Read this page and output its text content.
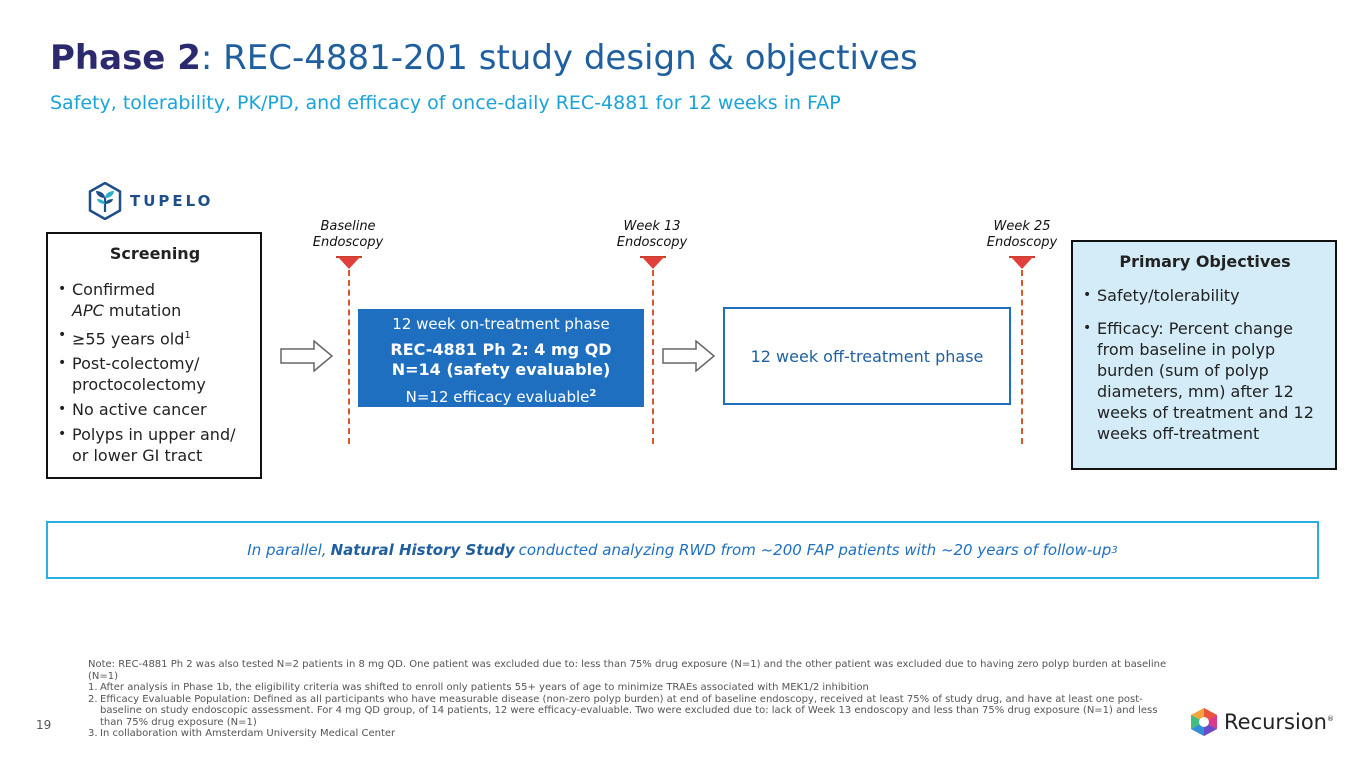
Phase 2: REC-4881-201 study design & objectives
Safety, tolerability, PK/PD, and efficacy of once-daily REC-4881 for 12 weeks in FAP
TUPELO
Screening
• Confirmed
APC mutation
• ≥55 years old$^1$
• Post-colectomy/
proctocolectomy
• No active cancer
• Polyps in upper and/
or lower GI tract
Baseline
Endoscopy
Week 13
Endoscopy
Week 25
Endoscopy
12 week on-treatment phase
REC-4881 Ph 2: 4 mg QD
N=14 (safety evaluable)
N=12 efficacy evaluable$^2$
12 week off-treatment phase
Primary Objectives
• Safety/tolerability
• Efficacy: Percent change from baseline in polyp burden (sum of polyp diameters, mm) after 12 weeks of treatment and 12 weeks off-treatment
In parallel, Natural History Study conducted analyzing RWD from ~200 FAP patients with ~20 years of follow-up 3
Note: REC-4881 Ph 2 was also tested N=2 patients in 8 mg QD. One patient was excluded due to: less than 75% drug exposure (N=1) and the other patient was excluded due to having zero polyp burden at baseline (N=1)
1. After analysis in Phase 1b, the eligibility criteria was shifted to enroll only patients 55+ years of age to minimize TRAEs associated with MEK1/2 inhibition
2. Efficacy Evaluable Population: Defined as all participants who have measurable disease (non-zero polyp burden) at end of baseline endoscopy, received at least 75% of study drug, and have at least one post-baseline on study endoscopic assessment. For 4 mg QD group, of 14 patients, 12 were efficacy-evaluable. Two were excluded due to: lack of Week 13 endoscopy and less than 75% drug exposure (N=1) and less than 75% drug exposure (N=1)
3. In collaboration with Amsterdam University Medical Center
19	Recursion®
